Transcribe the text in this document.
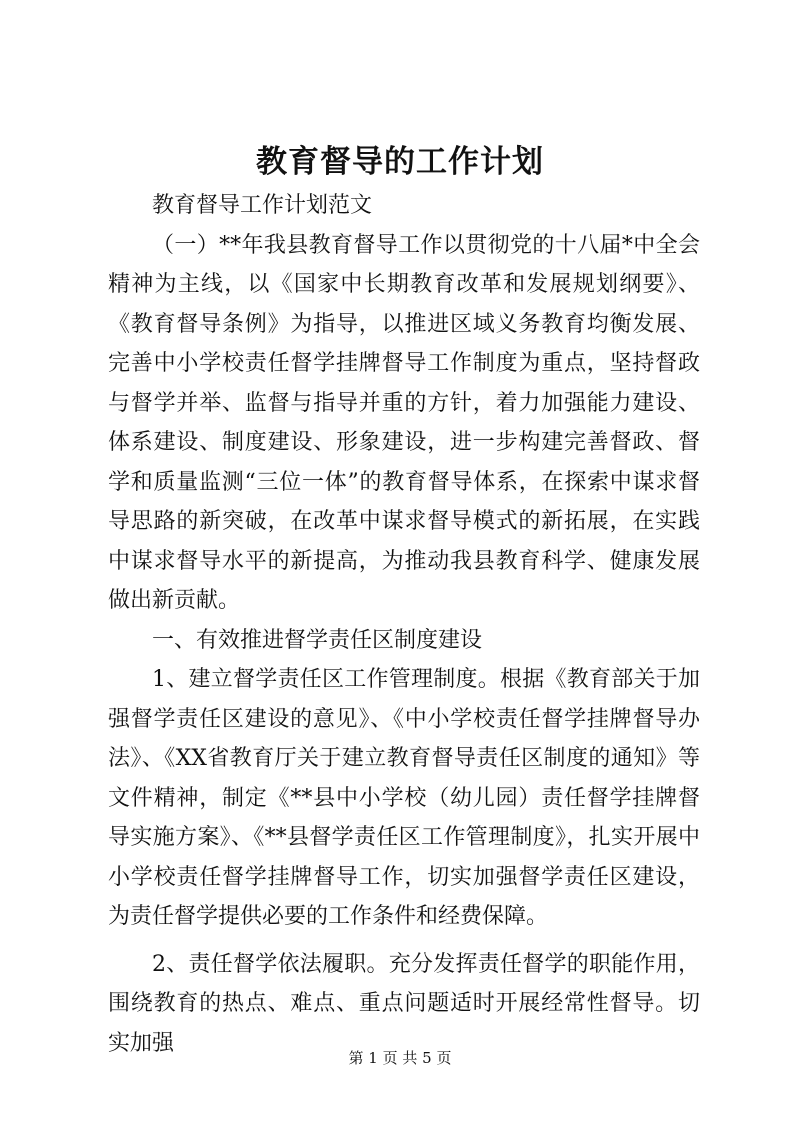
教育督导的工作计划

教育督导工作计划范文

（一）**年我县教育督导工作以贯彻党的十八届*中全会精神为主线，以《国家中长期教育改革和发展规划纲要》、《教育督导条例》为指导，以推进区域义务教育均衡发展、完善中小学校责任督学挂牌督导工作制度为重点，坚持督政与督学并举、监督与指导并重的方针，着力加强能力建设、体系建设、制度建设、形象建设，进一步构建完善督政、督学和质量监测“三位一体”的教育督导体系，在探索中谋求督导思路的新突破，在改革中谋求督导模式的新拓展，在实践中谋求督导水平的新提高，为推动我县教育科学、健康发展做出新贡献。

一、有效推进督学责任区制度建设

1、建立督学责任区工作管理制度。根据《教育部关于加强督学责任区建设的意见》、《中小学校责任督学挂牌督导办法》、《XX省教育厅关于建立教育督导责任区制度的通知》等文件精神，制定《**县中小学校（幼儿园）责任督学挂牌督导实施方案》、《**县督学责任区工作管理制度》，扎实开展中小学校责任督学挂牌督导工作，切实加强督学责任区建设，为责任督学提供必要的工作条件和经费保障。

2、责任督学依法履职。充分发挥责任督学的职能作用，围绕教育的热点、难点、重点问题适时开展经常性督导。切实加强

第 1 页 共 5 页
